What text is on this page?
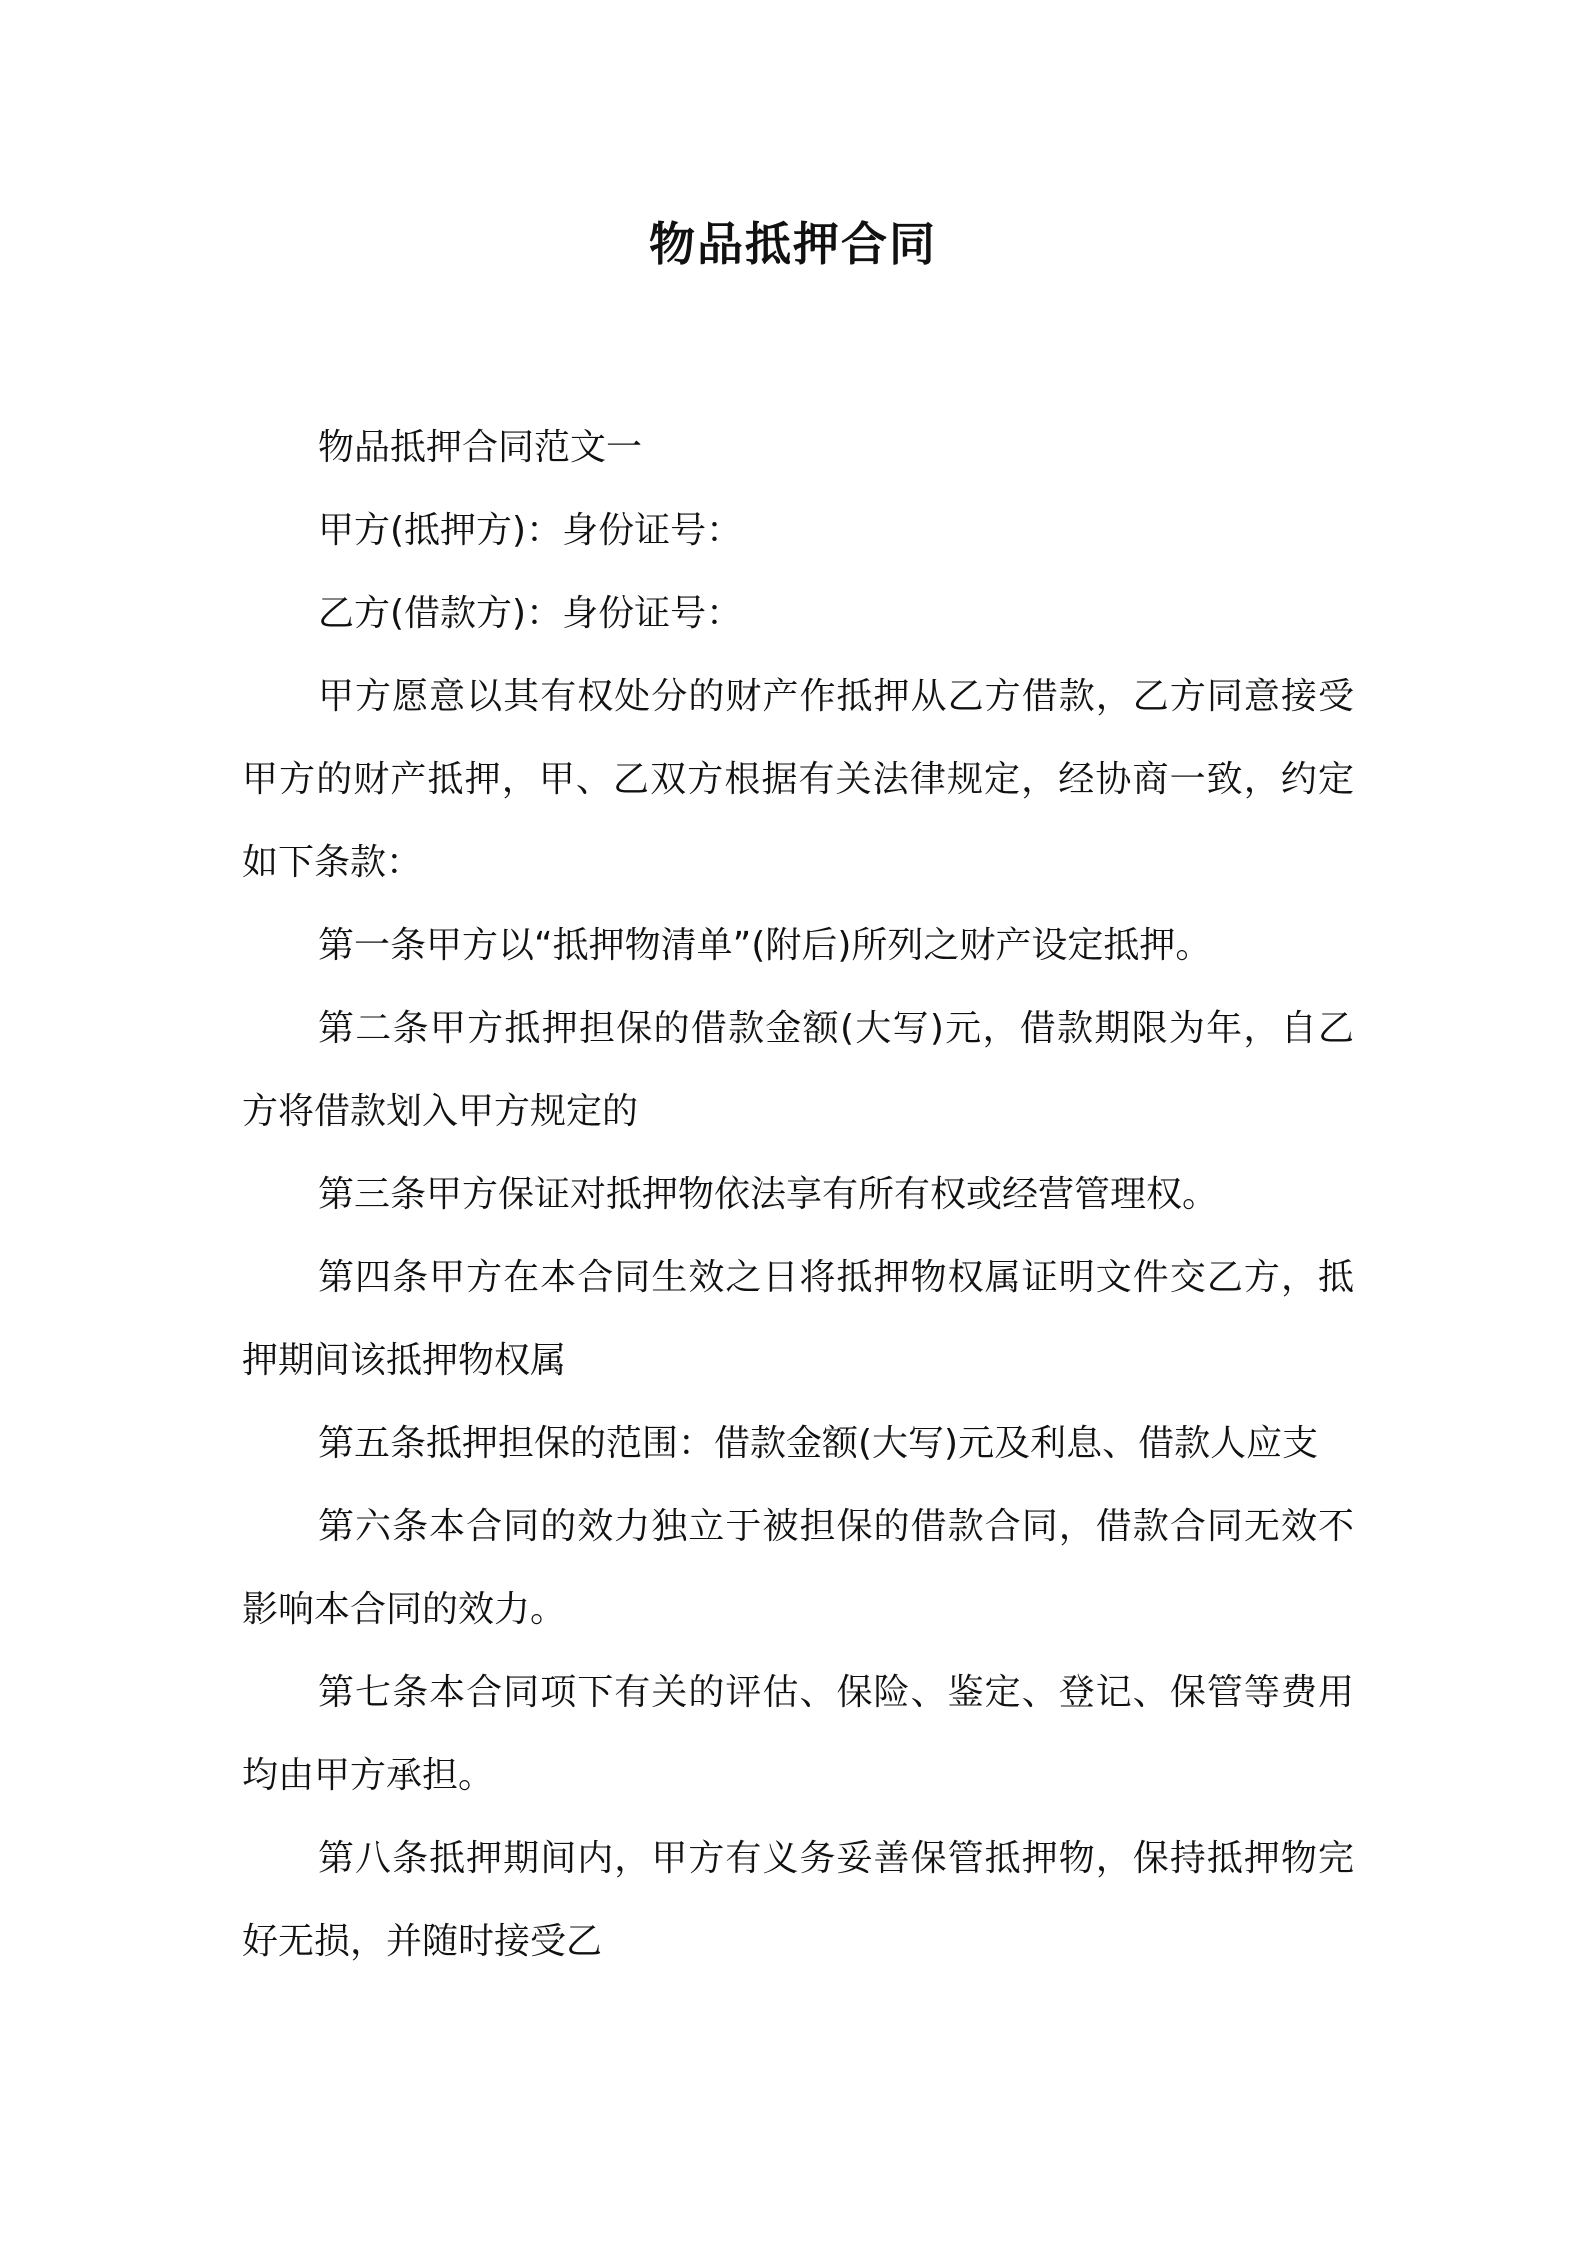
物品抵押合同

物品抵押合同范文一

甲方(抵押方)：身份证号：

乙方(借款方)：身份证号：

甲方愿意以其有权处分的财产作抵押从乙方借款，乙方同意接受甲方的财产抵押，甲、乙双方根据有关法律规定，经协商一致，约定如下条款：

第一条甲方以“抵押物清单”(附后)所列之财产设定抵押。

第二条甲方抵押担保的借款金额(大写)元，借款期限为年，自乙方将借款划入甲方规定的

第三条甲方保证对抵押物依法享有所有权或经营管理权。

第四条甲方在本合同生效之日将抵押物权属证明文件交乙方，抵押期间该抵押物权属

第五条抵押担保的范围：借款金额(大写)元及利息、借款人应支

第六条本合同的效力独立于被担保的借款合同，借款合同无效不影响本合同的效力。

第七条本合同项下有关的评估、保险、鉴定、登记、保管等费用均由甲方承担。

第八条抵押期间内，甲方有义务妥善保管抵押物，保持抵押物完好无损，并随时接受乙
